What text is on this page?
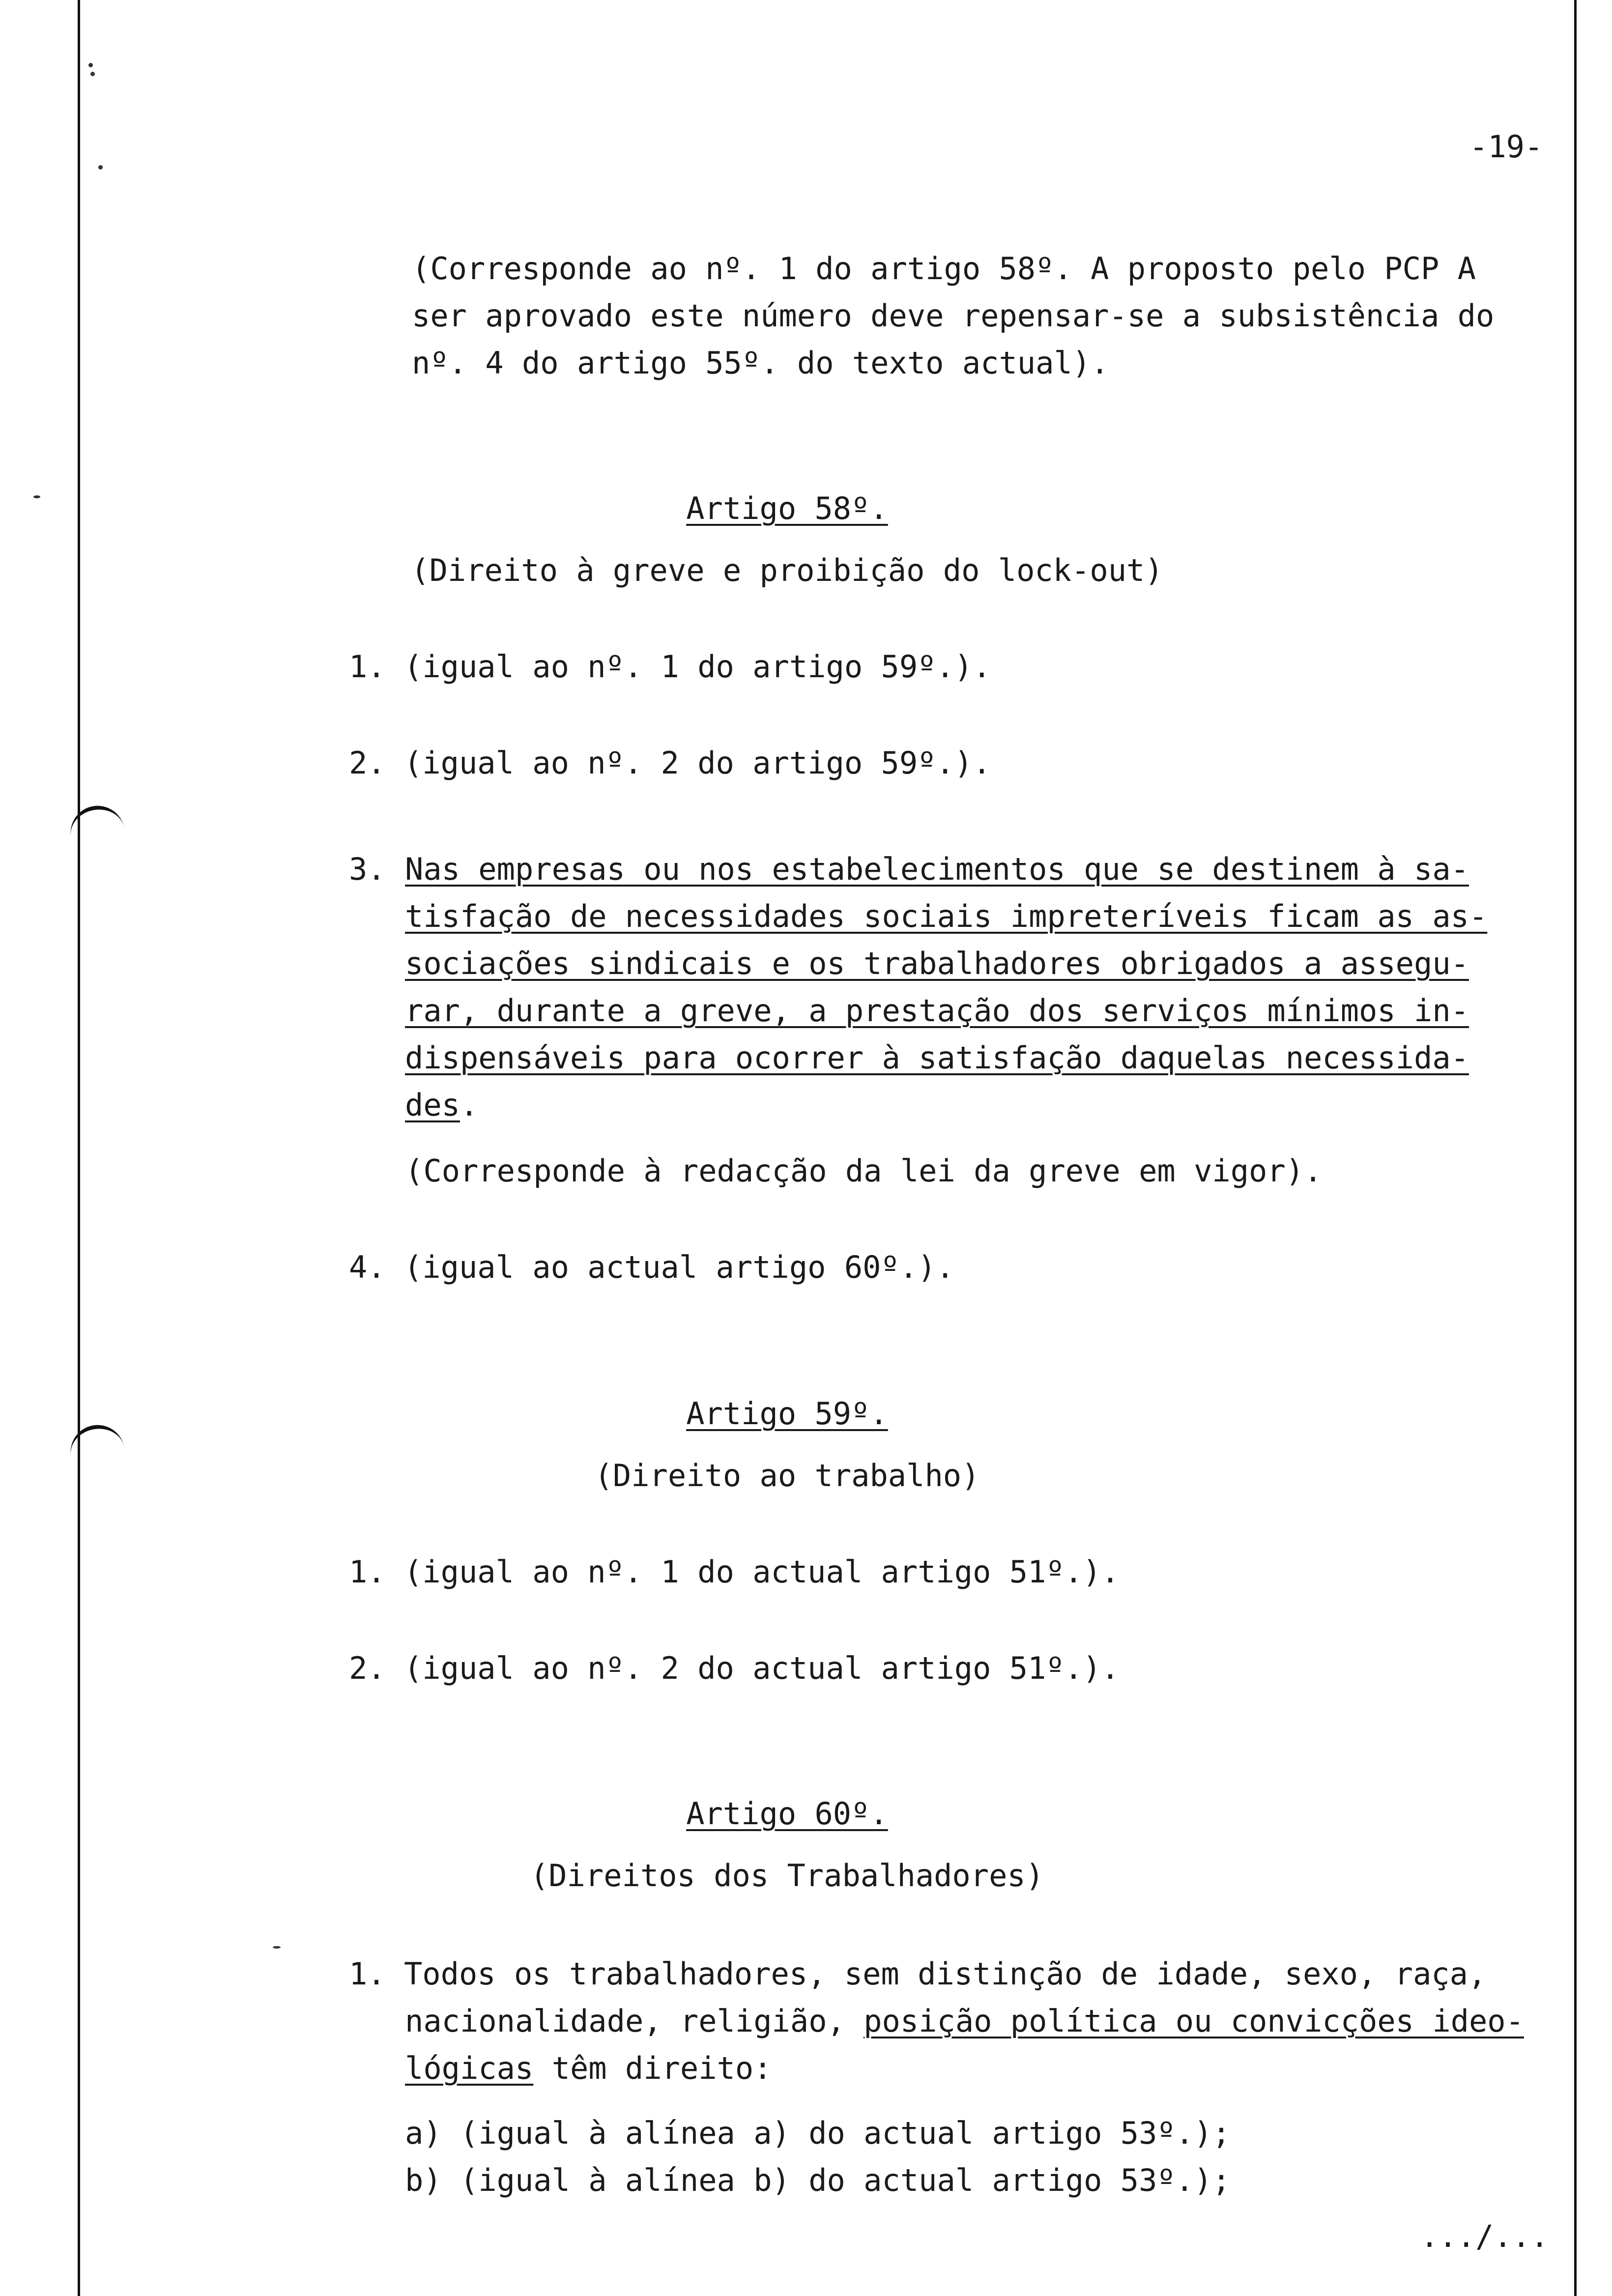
-19-
(Corresponde ao nº. 1 do artigo 58º. A proposto pelo PCP A
ser aprovado este número deve repensar-se a subsistência do
nº. 4 do artigo 55º. do texto actual).
Artigo 58º.
(Direito à greve e proibição do lock-out)
1. (igual ao nº. 1 do artigo 59º.).
2. (igual ao nº. 2 do artigo 59º.).
3. Nas empresas ou nos estabelecimentos que se destinem à sa-
tisfação de necessidades sociais impreteríveis ficam as as-
sociações sindicais e os trabalhadores obrigados a assegu-
rar, durante a greve, a prestação dos serviços mínimos in-
dispensáveis para ocorrer à satisfação daquelas necessida-
des.
(Corresponde à redacção da lei da greve em vigor).
4. (igual ao actual artigo 60º.).
Artigo 59º.
(Direito ao trabalho)
1. (igual ao nº. 1 do actual artigo 51º.).
2. (igual ao nº. 2 do actual artigo 51º.).
Artigo 60º.
(Direitos dos Trabalhadores)
1. Todos os trabalhadores, sem distinção de idade, sexo, raça,
nacionalidade, religião, posição política ou convicções ideo-
lógicas têm direito:
a) (igual à alínea a) do actual artigo 53º.);
b) (igual à alínea b) do actual artigo 53º.);
.../...
